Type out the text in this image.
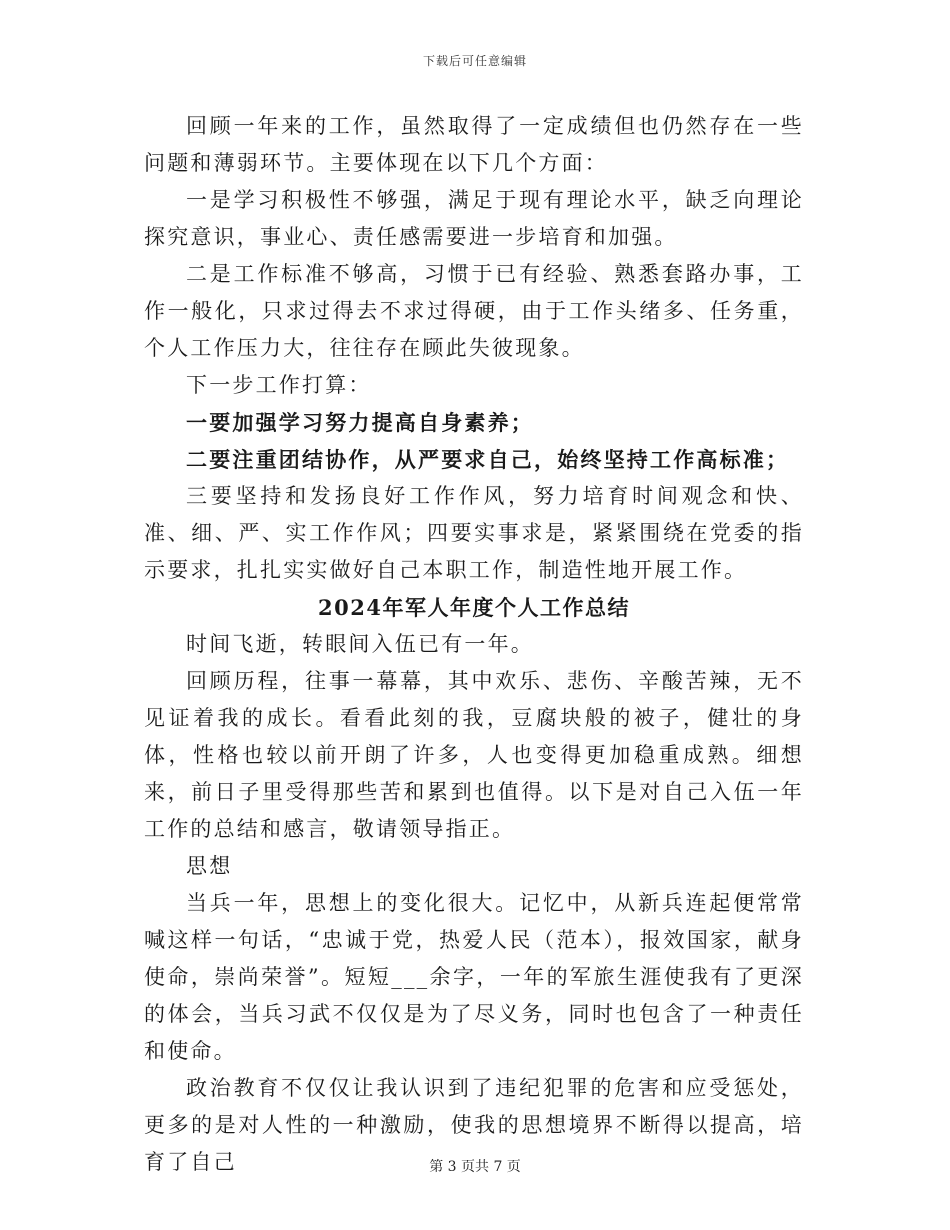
下载后可任意编辑

回顾一年来的工作，虽然取得了一定成绩但也仍然存在一些问题和薄弱环节。主要体现在以下几个方面：

一是学习积极性不够强，满足于现有理论水平，缺乏向理论探究意识，事业心、责任感需要进一步培育和加强。

二是工作标准不够高，习惯于已有经验、熟悉套路办事，工作一般化，只求过得去不求过得硬，由于工作头绪多、任务重，个人工作压力大，往往存在顾此失彼现象。

下一步工作打算：

一要加强学习努力提高自身素养；

二要注重团结协作，从严要求自己，始终坚持工作高标准；

三要坚持和发扬良好工作作风，努力培育时间观念和快、准、细、严、实工作作风；四要实事求是，紧紧围绕在党委的指示要求，扎扎实实做好自己本职工作，制造性地开展工作。

2024年军人年度个人工作总结

时间飞逝，转眼间入伍已有一年。

回顾历程，往事一幕幕，其中欢乐、悲伤、辛酸苦辣，无不见证着我的成长。看看此刻的我，豆腐块般的被子，健壮的身体，性格也较以前开朗了许多，人也变得更加稳重成熟。细想来，前日子里受得那些苦和累到也值得。以下是对自己入伍一年工作的总结和感言，敬请领导指正。

思想

当兵一年，思想上的变化很大。记忆中，从新兵连起便常常喊这样一句话，“忠诚于党，热爱人民（范本），报效国家，献身使命，崇尚荣誉”。短短___余字，一年的军旅生涯使我有了更深的体会，当兵习武不仅仅是为了尽义务，同时也包含了一种责任和使命。

政治教育不仅仅让我认识到了违纪犯罪的危害和应受惩处，更多的是对人性的一种激励，使我的思想境界不断得以提高，培育了自己	第 3 页共 7 页
